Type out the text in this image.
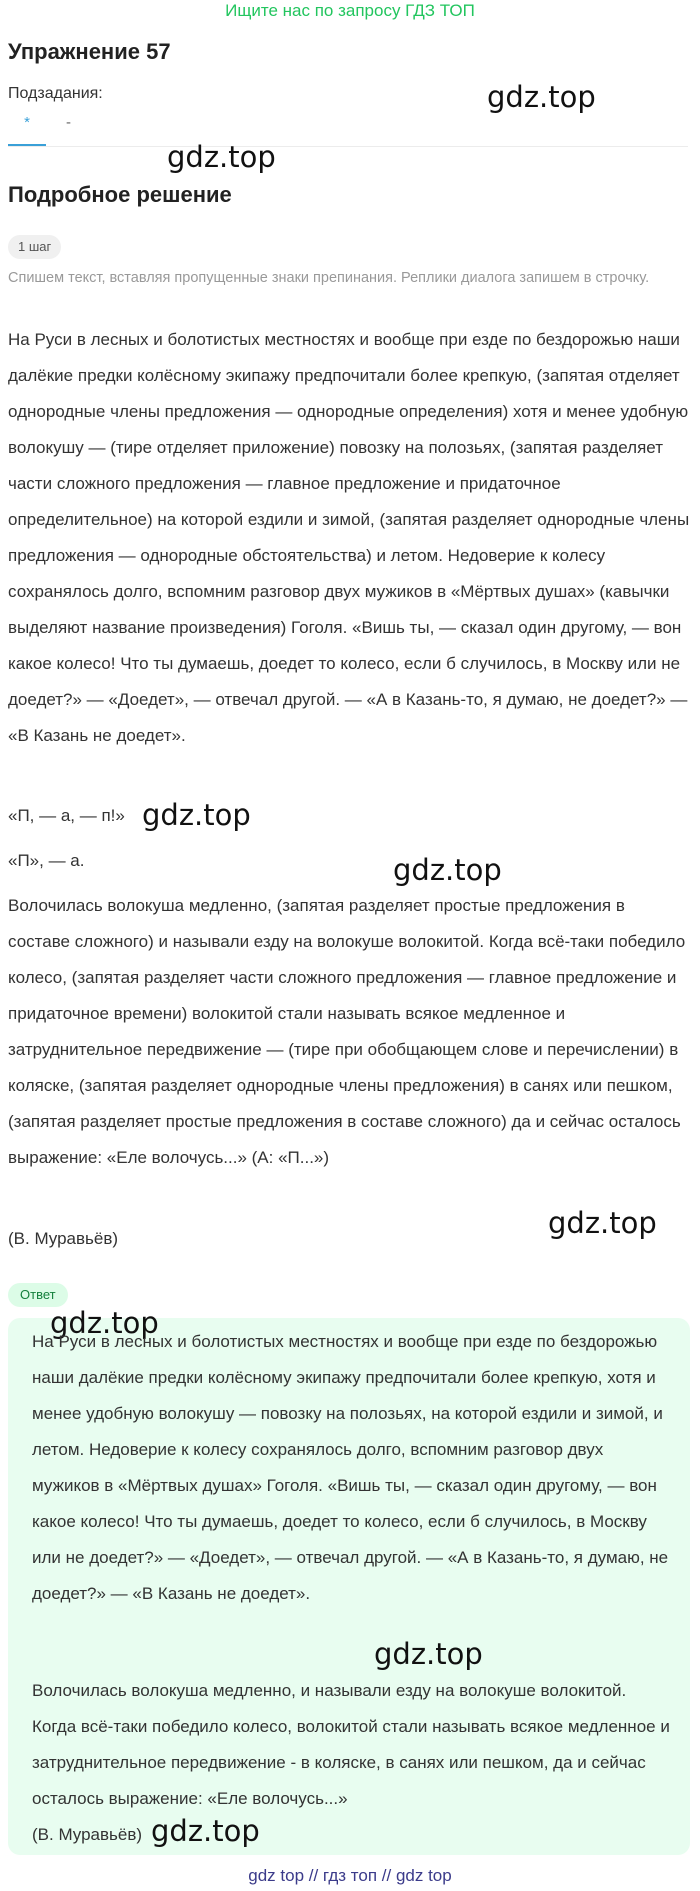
Ищите нас по запросу ГДЗ ТОП
Упражнение 57
Подзадания:
*	-
gdz.top
gdz.top
Подробное решение
1 шаг
Спишем текст, вставляя пропущенные знаки препинания. Реплики диалога запишем в строчку.

На Руси в лесных и болотистых местностях и вообще при езде по бездорожью наши далёкие предки колёсному экипажу предпочитали более крепкую, (запятая отделяет однородные члены предложения — однородные определения) хотя и менее удобную волокушу — (тире отделяет приложение) повозку на полозьях, (запятая разделяет части сложного предложения — главное предложение и придаточное определительное) на которой ездили и зимой, (запятая разделяет однородные члены предложения — однородные обстоятельства) и летом. Недоверие к колесу сохранялось долго, вспомним разговор двух мужиков в «Мёртвых душах» (кавычки выделяют название произведения) Гоголя. «Вишь ты, — сказал один другому, — вон какое колесо! Что ты думаешь, доедет то колесо, если б случилось, в Москву или не доедет?» — «Доедет», — отвечал другой. — «А в Казань-то, я думаю, не доедет?» — «В Казань не доедет».

«П, — а, — п!» gdz.top

«П», — а.	gdz.top

Волочилась волокуша медленно, (запятая разделяет простые предложения в составе сложного) и называли езду на волокуше волокитой. Когда всё-таки победило колесо, (запятая разделяет части сложного предложения — главное предложение и придаточное времени) волокитой стали называть всякое медленное и затруднительное передвижение — (тире при обобщающем слове и перечислении) в коляске, (запятая разделяет однородные члены предложения) в санях или пешком, (запятая разделяет простые предложения в составе сложного) да и сейчас осталось выражение: «Еле волочусь...» (А: «П...»)

(В. Муравьёв)	gdz.top
Ответ
gdz.top

На Руси в лесных и болотистых местностях и вообще при езде по бездорожью наши далёкие предки колёсному экипажу предпочитали более крепкую, хотя и менее удобную волокушу — повозку на полозьях, на которой ездили и зимой, и летом. Недоверие к колесу сохранялось долго, вспомним разговор двух мужиков в «Мёртвых душах» Гоголя. «Вишь ты, — сказал один другому, — вон какое колесо! Что ты думаешь, доедет то колесо, если б случилось, в Москву или не доедет?» — «Доедет», — отвечал другой. — «А в Казань-то, я думаю, не доедет?» — «В Казань не доедет».

gdz.top

Волочилась волокуша медленно, и называли езду на волокуше волокитой. Когда всё-таки победило колесо, волокитой стали называть всякое медленное и затруднительное передвижение - в коляске, в санях или пешком, да и сейчас осталось выражение: «Еле волочусь...»

(В. Муравьёв) gdz.top
gdz top // гдз топ // gdz top
